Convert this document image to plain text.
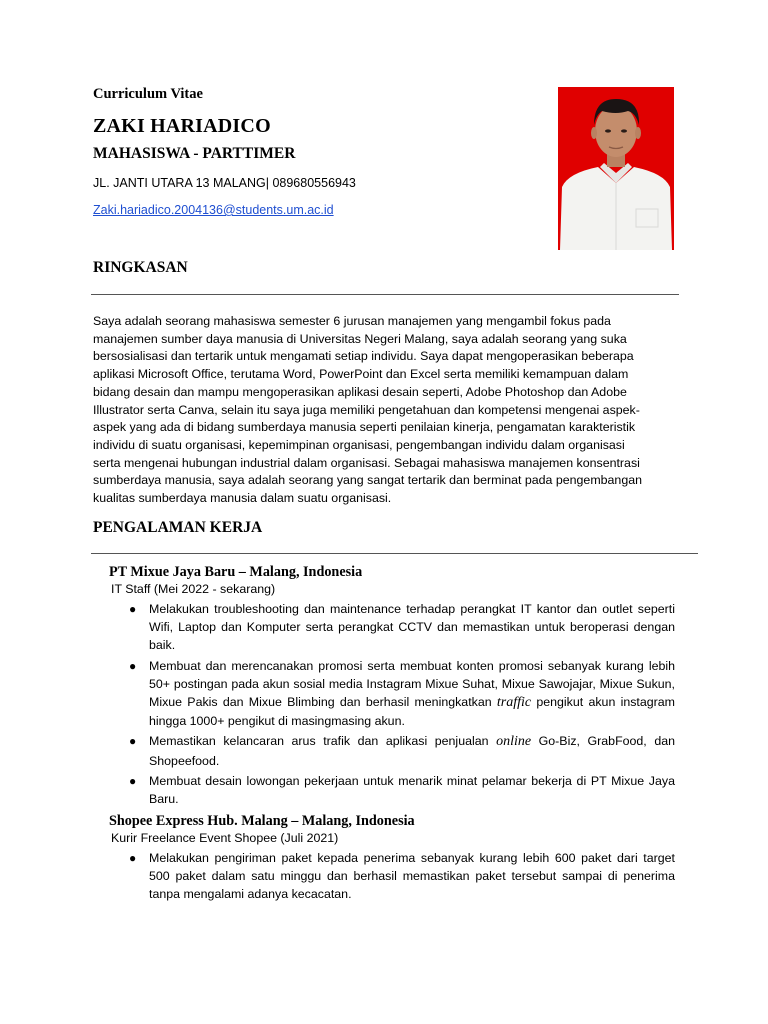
Curriculum Vitae
ZAKI HARIADICO
MAHASISWA - PARTTIMER
JL. JANTI UTARA 13 MALANG| 089680556943
Zaki.hariadico.2004136@students.um.ac.id
RINGKASAN

Saya adalah seorang mahasiswa semester 6 jurusan manajemen yang mengambil fokus pada
manajemen sumber daya manusia di Universitas Negeri Malang, saya adalah seorang yang suka
bersosialisasi dan tertarik untuk mengamati setiap individu. Saya dapat mengoperasikan beberapa
aplikasi Microsoft Office, terutama Word, PowerPoint dan Excel serta memiliki kemampuan dalam
bidang desain dan mampu mengoperasikan aplikasi desain seperti, Adobe Photoshop dan Adobe
Illustrator serta Canva, selain itu saya juga memiliki pengetahuan dan kompetensi mengenai aspek-
aspek yang ada di bidang sumberdaya manusia seperti penilaian kinerja, pengamatan karakteristik
individu di suatu organisasi, kepemimpinan organisasi, pengembangan individu dalam organisasi
serta mengenai hubungan industrial dalam organisasi. Sebagai mahasiswa manajemen konsentrasi
sumberdaya manusia, saya adalah seorang yang sangat tertarik dan berminat pada pengembangan
kualitas sumberdaya manusia dalam suatu organisasi.

PENGALAMAN KERJA
PT Mixue Jaya Baru – Malang, Indonesia
IT Staff (Mei 2022 - sekarang)
● Melakukan troubleshooting dan maintenance terhadap perangkat IT kantor dan outlet seperti Wifi, Laptop dan Komputer serta perangkat CCTV dan memastikan untuk beroperasi dengan baik.
● Membuat dan merencanakan promosi serta membuat konten promosi sebanyak kurang lebih 50+ postingan pada akun sosial media Instagram Mixue Suhat, Mixue Sawojajar, Mixue Sukun, Mixue Pakis dan Mixue Blimbing dan berhasil meningkatkan traffic pengikut akun instagram hingga 1000+ pengikut di masingmasing akun.
● Memastikan kelancaran arus trafik dan aplikasi penjualan online Go-Biz, GrabFood, dan Shopeefood.
● Membuat desain lowongan pekerjaan untuk menarik minat pelamar bekerja di PT Mixue Jaya Baru.
Shopee Express Hub. Malang – Malang, Indonesia
Kurir Freelance Event Shopee (Juli 2021)
● Melakukan pengiriman paket kepada penerima sebanyak kurang lebih 600 paket dari target 500 paket dalam satu minggu dan berhasil memastikan paket tersebut sampai di penerima tanpa mengalami adanya kecacatan.
